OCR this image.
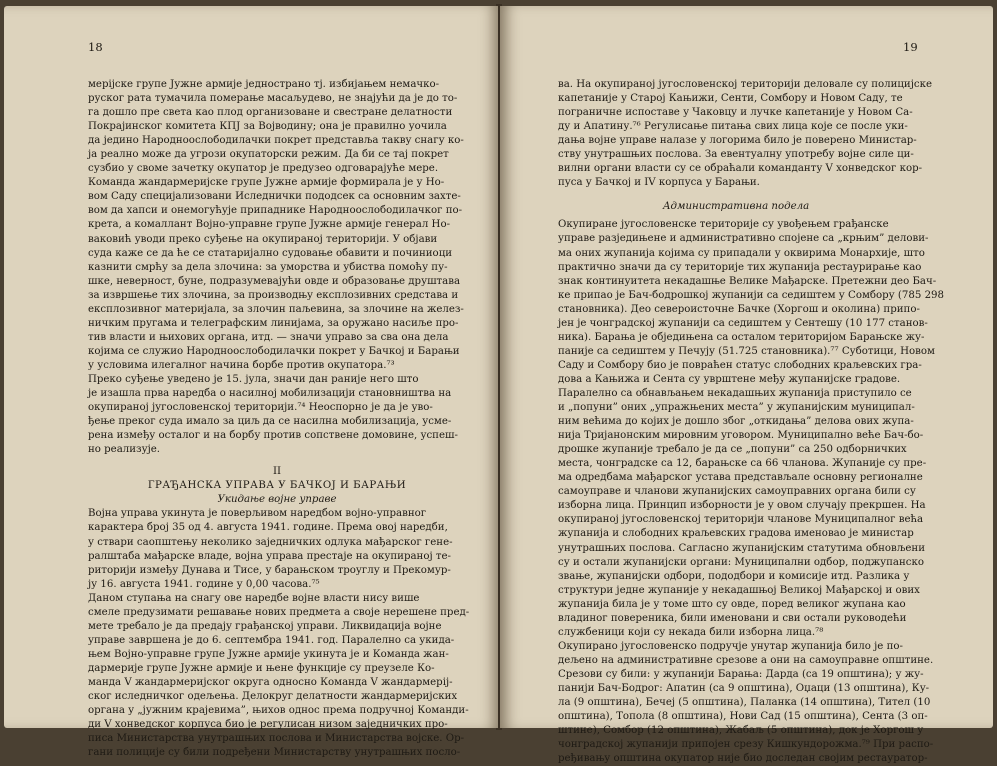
18
мерiјске групе Јужне армије једнострано тј. избијањем немачко-
руског рата тумачила померање масаљудево, не знајући да је до то-
га дошло пре света као плод организоване и свестране делатности
Покрајинског комитета КПЈ за Војводину; она је правилно уочила
да једино Народноослободилачки покрет представља такву снагу ко-
ја реално може да угрози окупаторски режим. Да би се тај покрет
сузбио у своме зачетку окупатор је предузео одговарајуће мере.
Команда жандармеријске групе Јужне армије формирала је у Но-
вом Саду специјализовани Иследнички пододсек са основним захте-
вом да хапси и онемогућује припаднике Народноослободилачког по-
крета, а комаллант Војно-управне групе Јужне армије генерал Но-
ваковић уводи преко суђење на окупираној територији. У објави
суда каже се да ће се статаријално судовање обавити и починиоци
казнити смрћу за дела злочина: за уморства и убиства помоћу пу-
шке, неверност, буне, подразумевајући овде и образовање друштава
за извршење тих злочина, за производњу експлозивних средстава и
експлозивног материјала, за злочин паљевина, за злочине на желез-
ничким пругама и телеграфским линијама, за оружано насиље про-
тив власти и њихових органа, итд. — значи управо за сва она дела
којима се служио Народноослободилачки покрет у Бачкој и Барањи
у условима илегалног начина борбе против окупатора.⁷³
Преко суђење уведено је 15. јула, значи дан раније него што
је изашла прва наредба о насилној мобилизацији становништва на
окупираној југословенској територији.⁷⁴ Неоспорно је да је уво-
ђење преког суда имало за циљ да се насилна мобилизација, усме-
рена између осталог и на борбу против сопствене домовине, успеш-
но реализује.
II
ГРАЂАНСКА УПРАВА У БАЧКОЈ И БАРАЊИ
Укидање војне управе
Војна управа укинута је поверљивом наредбом војно-управног
карактера број 35 од 4. августа 1941. године. Према овој наредби,
у ствари саопштењу неколико заједничких одлука мађарског гене-
ралштаба мађарске владе, војна управа престаје на окупираној те-
риторији између Дунава и Тисе, у барањском троуглу и Прекомур-
ју 16. августа 1941. године у 0,00 часова.⁷⁵
Даном ступања на снагу ове наредбе војне власти нису више
смеле предузимати решавање нових предмета а своје нерешене пред-
мете требало је да предају грађанској управи. Ликвидација војне
управе завршена је до 6. септембра 1941. год. Паралелно са укида-
њем Војно-управне групе Јужне армије укинута је и Команда жан-
дармерије групе Јужне армије и њене функције су преузеле Ко-
манда V жандармеријског округа односно Команда V жандармерiј-
ског иследничког одељења. Делокруг делатности жандармеријских
органа у „јужним крајевима”, њихов однос према подручној Команди-
ди V хонведског корпуса био је регулисан низом заједничких про-
писа Министарства унутрашњих послова и Министарства војске. Ор-
гани полиције су били подређени Министарству унутрашњих посло-
19
ва. На окупираној југословенској територији деловале су полицијске
капетаније у Старој Кањижи, Сенти, Сомбору и Новом Саду, те
пограничне испоставе у Чаковцу и лучке капетаније у Новом Са-
ду и Апатину.⁷⁶ Регулисање питања свих лица које се после уки-
дања војне управе налазе у логорима било је поверено Министар-
ству унутрашњих послова. За евентуалну употребу војне силе ци-
вилни органи власти су се обраћали команданту V хонведског кор-
пуса у Бачкој и IV корпуса у Барањи.
Административна подела
Окупиране југословенске територије су увођењем грађанске
управе разједињене и административно спојене са „крњим” делови-
ма оних жупанија којима су припадали у оквирима Монархије, што
практично значи да су територије тих жупанија рестаурирање као
знак континуитета некадашње Велике Мађарске. Претежни део Бач-
ке припао је Бач-бодрошкој жупанији са седиштем у Сомбору (785 298
становника). Део североисточне Бачке (Хоргош и околина) припо-
јен је чонградској жупанији са седиштем у Сентешу (10 177 станов-
ника). Барања је обједињена са осталом територијом Барањске жу-
паније са седиштем у Печују (51.725 становника).⁷⁷ Суботици, Новом
Саду и Сомбору био је повраћен статус слободних краљевских гра-
дова а Кањижа и Сента су уврштене међу жупанијске градове.
Паралелно са обнављањем некадашњих жупанија приступило се
и „попуни” оних „упражњених места” у жупанијским муниципал-
ним већима до којих је дошло због „откидања” делова ових жупа-
нија Тријанонским мировним уговором. Муниципално веће Бач-бо-
дрошке жупаније требало је да се „попуни” са 250 одборничких
места, чонградске са 12, барањске са 66 чланова. Жупаније су пре-
ма одредбама мађарског устава представљале основну регионалне
самоуправе и чланови жупанијских самоуправних органа били су
изборна лица. Принцип изборности је у овом случају прекршен. На
окупираној југословенској територији чланове Муниципалног већа
жупанија и слободних краљевских градова именовао је министар
унутрашњих послова. Сагласно жупанијским статутима обновљени
су и остали жупанијски органи: Муниципални одбор, поджупанско
звање, жупанијски одбори, пододбори и комисије итд. Разлика у
структури једне жупаније у некадашњој Великој Мађарској и ових
жупанија била је у томе што су овде, поред великог жупана као
владиног повереника, били именовани и сви остали руководећи
службеници који су некада били изборна лица.⁷⁸
Окупирано југословенско подручје унутар жупанија било је по-
дељено на административне срезове а они на самоуправне општине.
Срезови су били: у жупанији Барања: Дарда (са 19 општина); у жу-
панији Бач-Бодрог: Апатин (са 9 општина), Оџаци (13 општина), Ку-
ла (9 општина), Бечеј (5 општина), Паланка (14 општина), Тител (10
општина), Топола (8 општина), Нови Сад (15 општина), Сента (3 оп-
штине), Сомбор (12 општина), Жабаљ (5 општина), док је Хоргош у
чонградској жупанији припојен срезу Кишкундорожма.⁷⁹ При распо-
ређивању општина окупатор није био доследан својим рестауратор-
